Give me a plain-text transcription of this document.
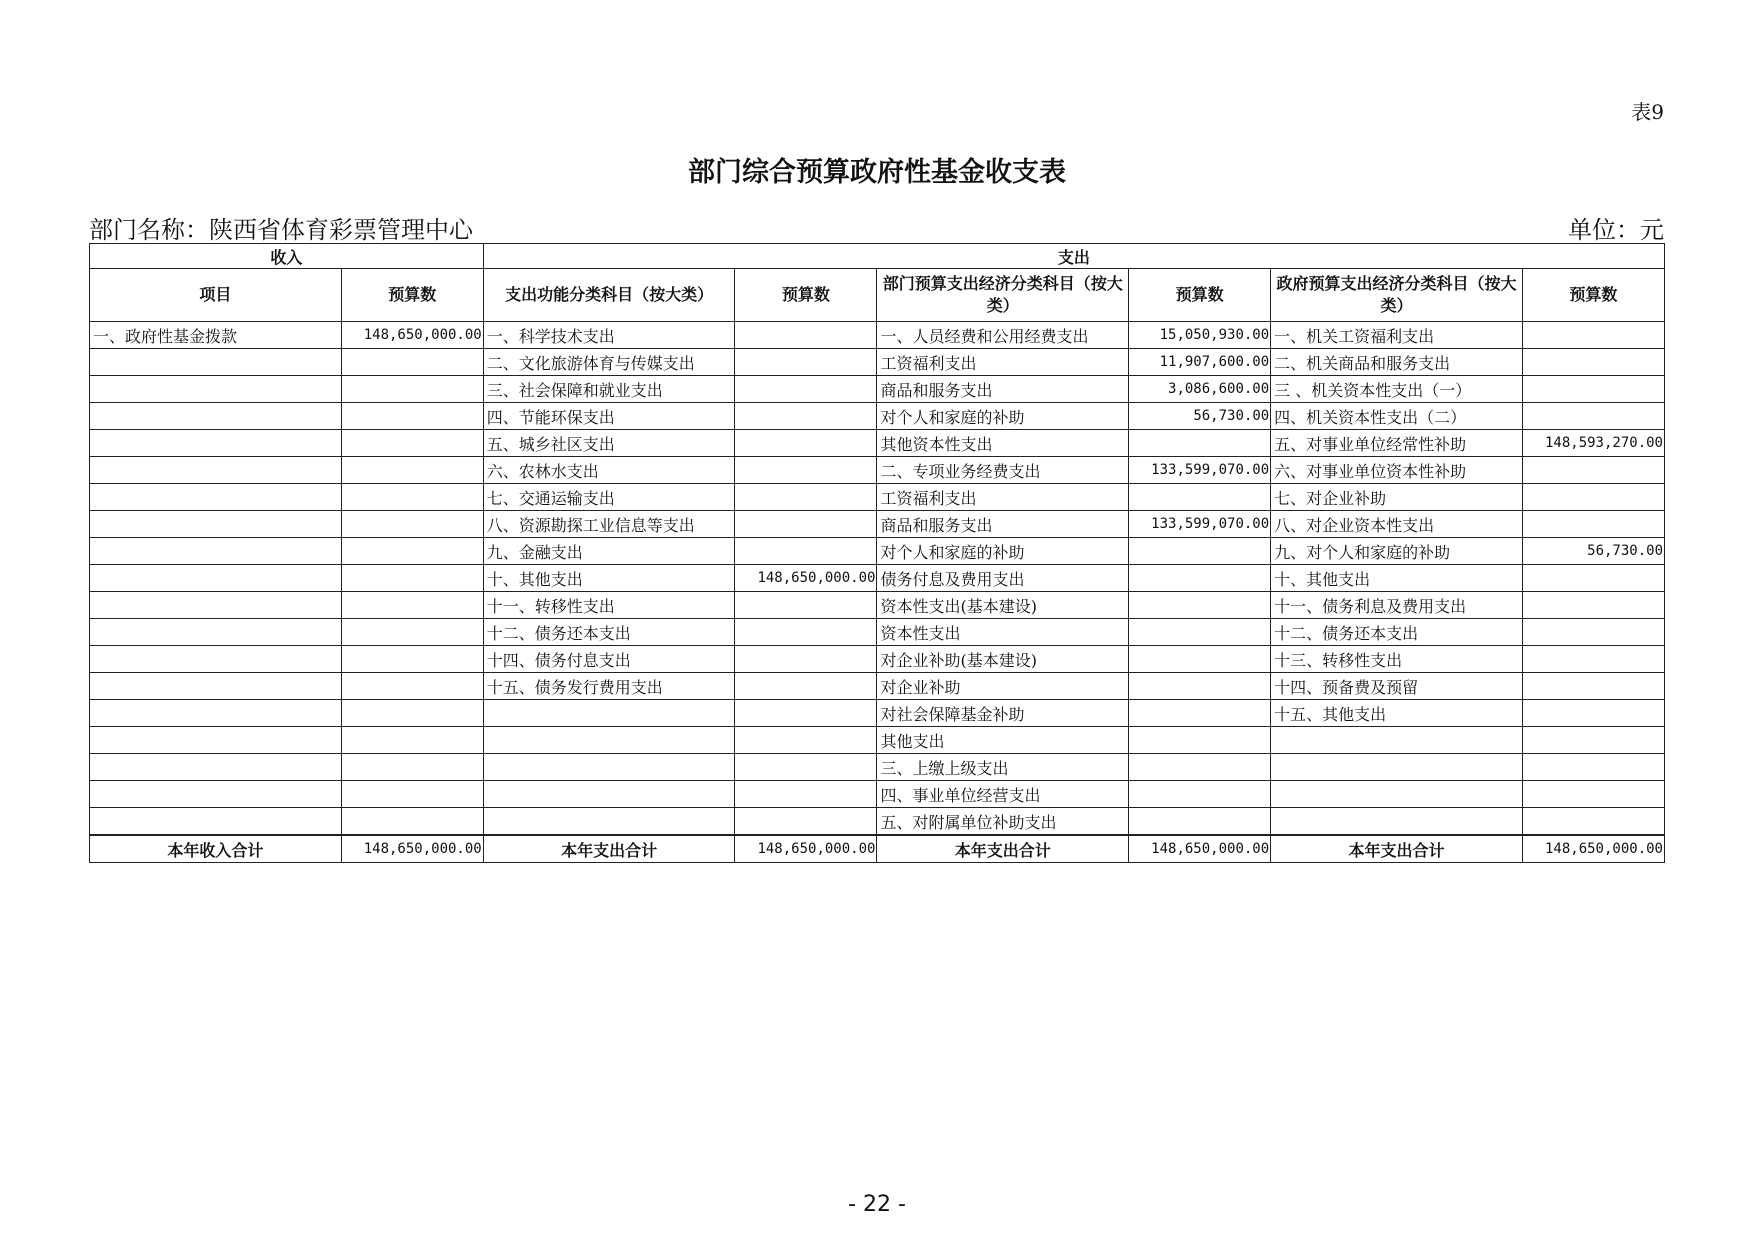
表9
部门综合预算政府性基金收支表
部门名称：陕西省体育彩票管理中心	单位：元
收入		支出					
项目	预算数	支出功能分类科目（按大类）	预算数	部门预算支出经济分类科目（按大类）	预算数	政府预算支出经济分类科目（按大类）	预算数
一、政府性基金拨款	148,650,000.00	一、科学技术支出		一、人员经费和公用经费支出	15,050,930.00	一、机关工资福利支出	
		二、文化旅游体育与传媒支出		工资福利支出	11,907,600.00	二、机关商品和服务支出	
		三、社会保障和就业支出		商品和服务支出	3,086,600.00	三 、机关资本性支出（一）	
		四、节能环保支出		对个人和家庭的补助	56,730.00	四、机关资本性支出（二）	
		五、城乡社区支出		其他资本性支出		五、对事业单位经常性补助	148,593,270.00
		六、农林水支出		二、专项业务经费支出	133,599,070.00	六、对事业单位资本性补助	
		七、交通运输支出		工资福利支出		七、对企业补助	
		八、资源勘探工业信息等支出		商品和服务支出	133,599,070.00	八、对企业资本性支出	
		九、金融支出		对个人和家庭的补助		九、对个人和家庭的补助	56,730.00
		十、其他支出	148,650,000.00	债务付息及费用支出		十、其他支出	
		十一、转移性支出		资本性支出(基本建设)		十一、债务利息及费用支出	
		十二、债务还本支出		资本性支出		十二、债务还本支出	
		十四、债务付息支出		对企业补助(基本建设)		十三、转移性支出	
		十五、债务发行费用支出		对企业补助		十四、预备费及预留	
				对社会保障基金补助		十五、其他支出	
				其他支出			
				三、上缴上级支出			
				四、事业单位经营支出			
				五、对附属单位补助支出			
本年收入合计	148,650,000.00	本年支出合计	148,650,000.00	本年支出合计	148,650,000.00	本年支出合计	148,650,000.00
- 22 -
